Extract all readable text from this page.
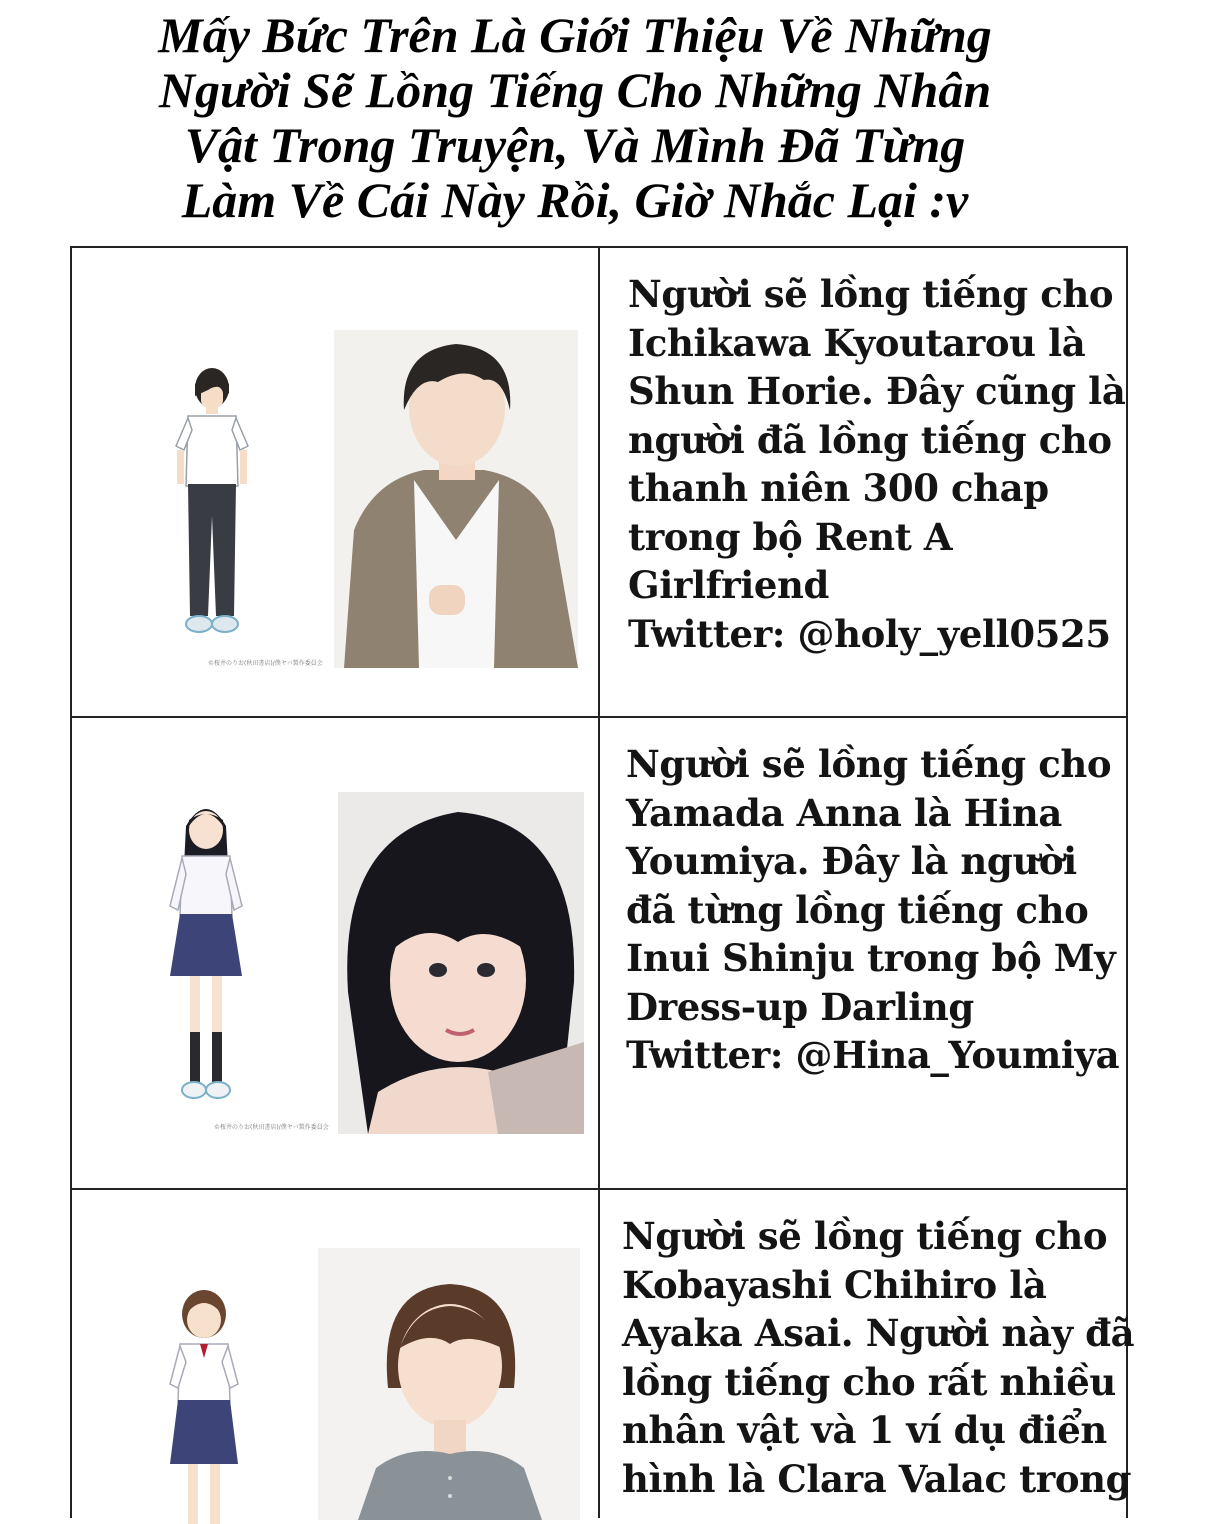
Mấy Bức Trên Là Giới Thiệu Về Những
Người Sẽ Lồng Tiếng Cho Những Nhân
Vật Trong Truyện, Và Mình Đã Từng
Làm Về Cái Này Rồi, Giờ Nhắc Lại :v
©桜井のりお(秋田書店)/僕ヤバ製作委員会
Người sẽ lồng tiếng cho
Ichikawa Kyoutarou là
Shun Horie. Đây cũng là
người đã lồng tiếng cho
thanh niên 300 chap
trong bộ Rent A
Girlfriend
Twitter: @holy_yell0525
©桜井のりお(秋田書店)/僕ヤバ製作委員会
Người sẽ lồng tiếng cho
Yamada Anna là Hina
Youmiya. Đây là người
đã từng lồng tiếng cho
Inui Shinju trong bộ My
Dress-up Darling
Twitter: @Hina_Youmiya
Người sẽ lồng tiếng cho
Kobayashi Chihiro là
Ayaka Asai. Người này đã
lồng tiếng cho rất nhiều
nhân vật và 1 ví dụ điển
hình là Clara Valac trong
